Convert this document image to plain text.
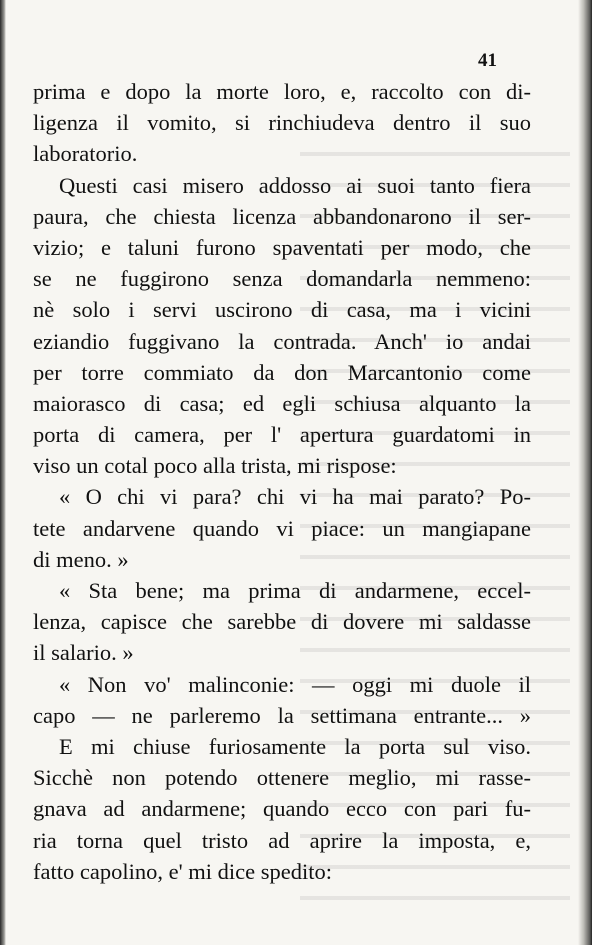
41
prima e dopo la morte loro, e, raccolto con di-
ligenza il vomito, si rinchiudeva dentro il suo
laboratorio.
Questi casi misero addosso ai suoi tanto fiera
paura, che chiesta licenza abbandonarono il ser-
vizio; e taluni furono spaventati per modo, che
se ne fuggirono senza domandarla nemmeno:
nè solo i servi uscirono di casa, ma i vicini
eziandio fuggivano la contrada. Anch' io andai
per torre commiato da don Marcantonio come
maiorasco di casa; ed egli schiusa alquanto la
porta di camera, per l' apertura guardatomi in
viso un cotal poco alla trista, mi rispose:
« O chi vi para? chi vi ha mai parato? Po-
tete andarvene quando vi piace: un mangiapane
di meno. »
« Sta bene; ma prima di andarmene, eccel-
lenza, capisce che sarebbe di dovere mi saldasse
il salario. »
« Non vo' malinconie: — oggi mi duole il
capo — ne parleremo la settimana entrante... »
E mi chiuse furiosamente la porta sul viso.
Sicchè non potendo ottenere meglio, mi rasse-
gnava ad andarmene; quando ecco con pari fu-
ria torna quel tristo ad aprire la imposta, e,
fatto capolino, e' mi dice spedito:
